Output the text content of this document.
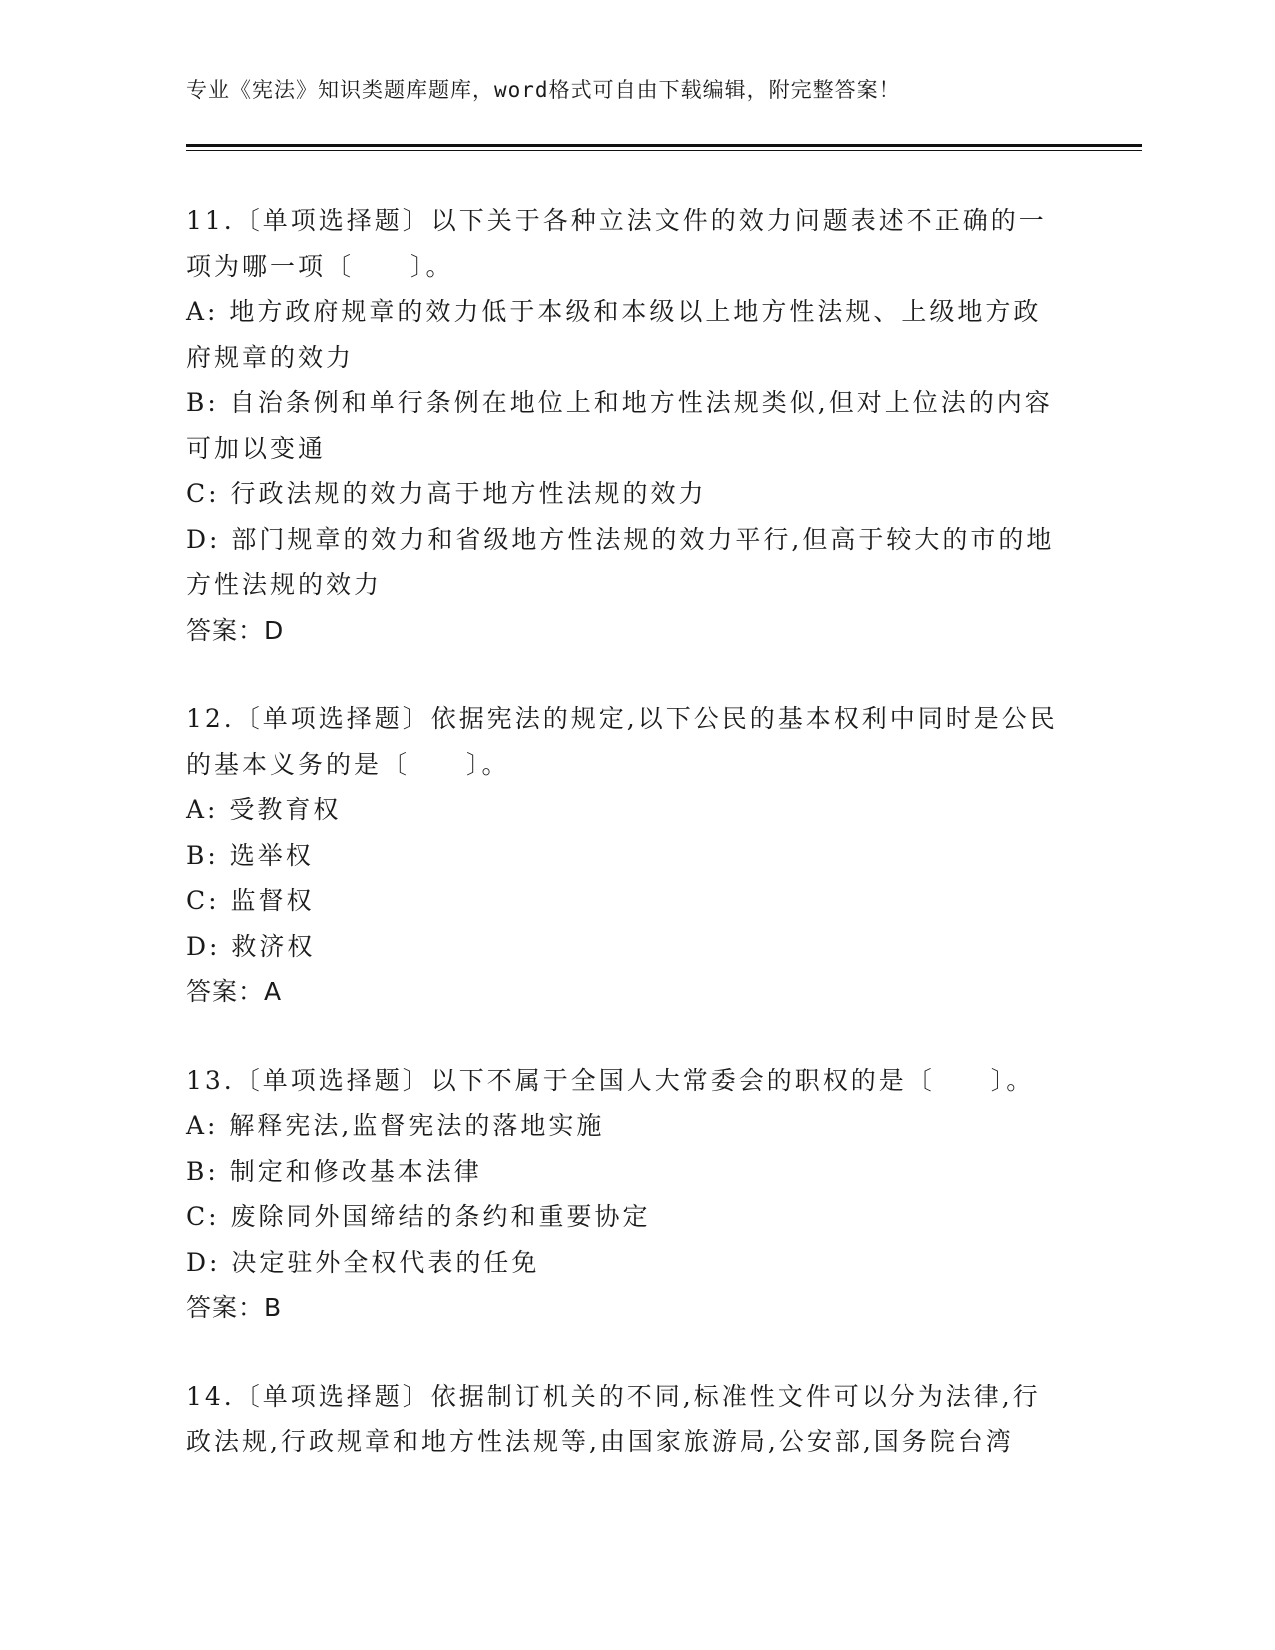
专业《宪法》知识类题库题库，word格式可自由下载编辑，附完整答案！

11.〔单项选择题〕以下关于各种立法文件的效力问题表述不正确的一项为哪一项〔　　〕。

A: 地方政府规章的效力低于本级和本级以上地方性法规、上级地方政府规章的效力

B: 自治条例和单行条例在地位上和地方性法规类似,但对上位法的内容可加以变通

C: 行政法规的效力高于地方性法规的效力

D: 部门规章的效力和省级地方性法规的效力平行,但高于较大的市的地方性法规的效力

答案：D

12.〔单项选择题〕依据宪法的规定,以下公民的基本权利中同时是公民的基本义务的是〔　　〕。

A: 受教育权

B: 选举权

C: 监督权

D: 救济权

答案：A

13.〔单项选择题〕以下不属于全国人大常委会的职权的是〔　　〕。

A: 解释宪法,监督宪法的落地实施

B: 制定和修改基本法律

C: 废除同外国缔结的条约和重要协定

D: 决定驻外全权代表的任免

答案：B

14.〔单项选择题〕依据制订机关的不同,标准性文件可以分为法律,行政法规,行政规章和地方性法规等,由国家旅游局,公安部,国务院台湾
